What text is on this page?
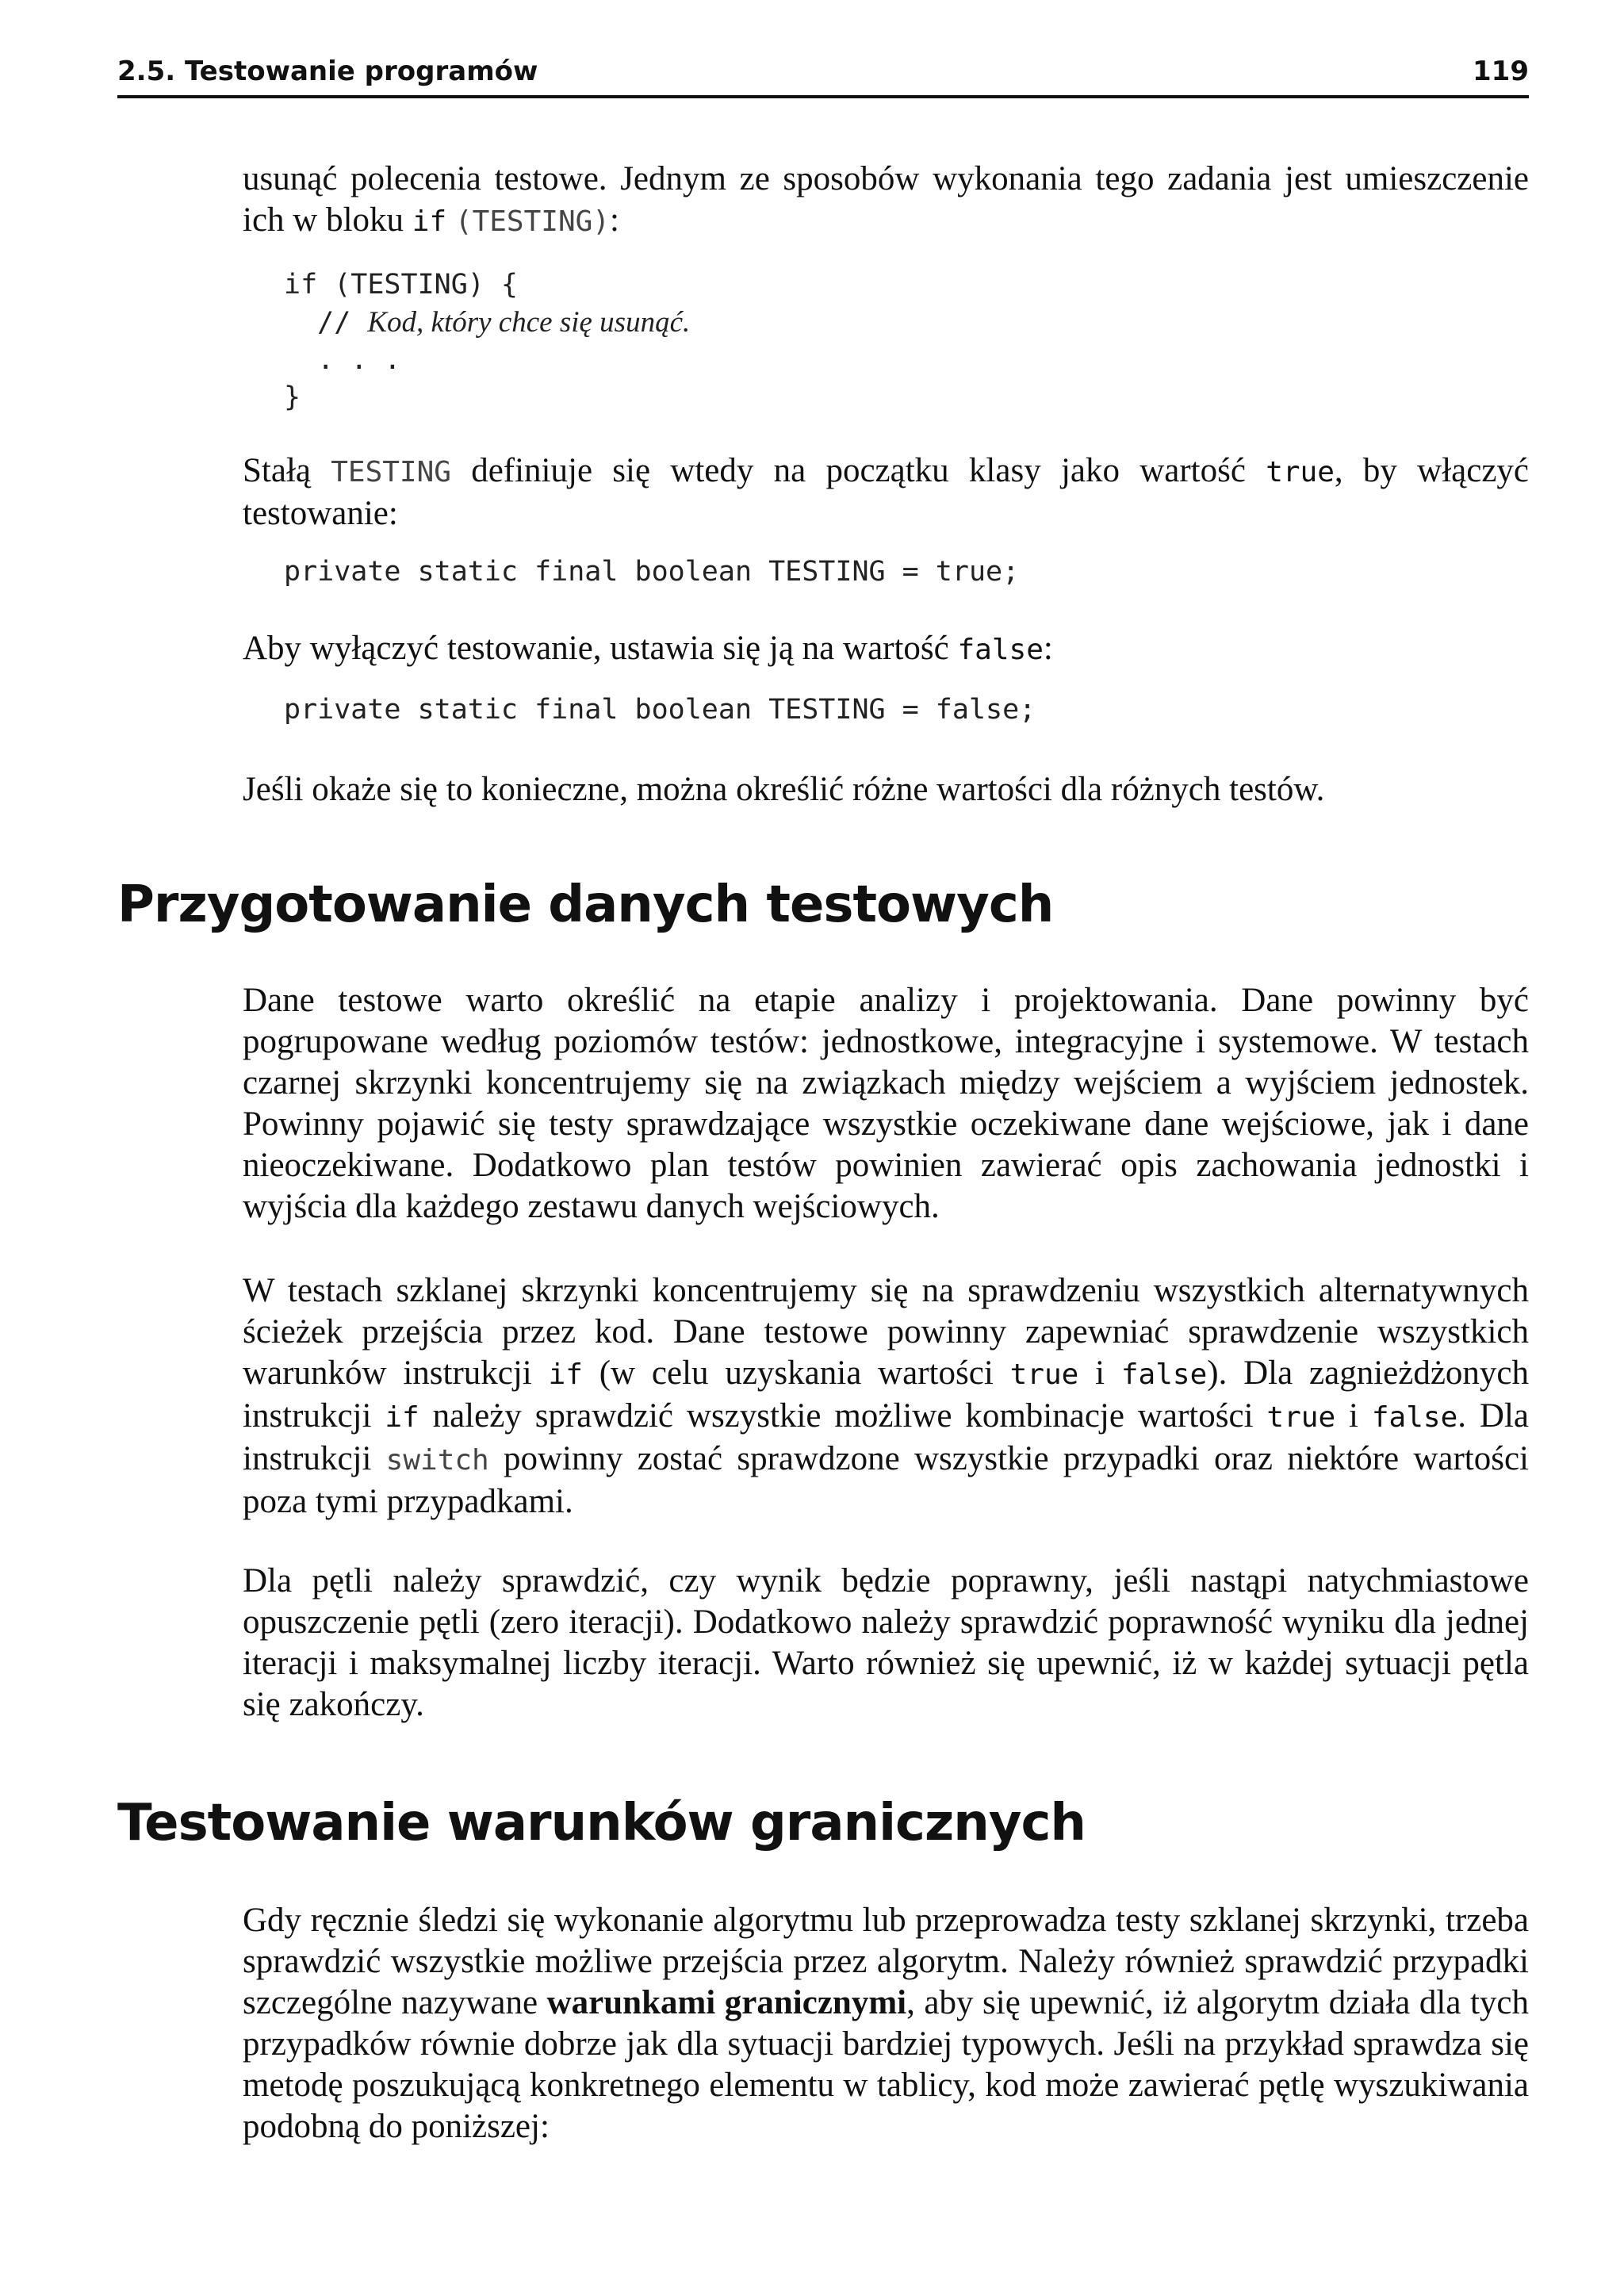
2.5. Testowanie programów	119

usunąć polecenia testowe. Jednym ze sposobów wykonania tego zadania jest umieszczenie ich w bloku if (TESTING):

if (TESTING) {
// Kod, który chce się usunąć.
. . .
}

Stałą TESTING definiuje się wtedy na początku klasy jako wartość true, by włączyć testowanie:

private static final boolean TESTING = true;

Aby wyłączyć testowanie, ustawia się ją na wartość false:

private static final boolean TESTING = false;

Jeśli okaże się to konieczne, można określić różne wartości dla różnych testów.

Przygotowanie danych testowych

Dane testowe warto określić na etapie analizy i projektowania. Dane powinny być pogrupowane według poziomów testów: jednostkowe, integracyjne i systemowe. W testach czarnej skrzynki koncentrujemy się na związkach między wejściem a wyjściem jednostek. Powinny pojawić się testy sprawdzające wszystkie oczekiwane dane wejściowe, jak i dane nieoczekiwane. Dodatkowo plan testów powinien zawierać opis zachowania jednostki i wyjścia dla każdego zestawu danych wejściowych.

W testach szklanej skrzynki koncentrujemy się na sprawdzeniu wszystkich alternatywnych ścieżek przejścia przez kod. Dane testowe powinny zapewniać sprawdzenie wszystkich warunków instrukcji if (w celu uzyskania wartości true i false). Dla zagnieżdżonych instrukcji if należy sprawdzić wszystkie możliwe kombinacje wartości true i false. Dla instrukcji switch powinny zostać sprawdzone wszystkie przypadki oraz niektóre wartości poza tymi przypadkami.

Dla pętli należy sprawdzić, czy wynik będzie poprawny, jeśli nastąpi natychmiastowe opuszczenie pętli (zero iteracji). Dodatkowo należy sprawdzić poprawność wyniku dla jednej iteracji i maksymalnej liczby iteracji. Warto również się upewnić, iż w każdej sytuacji pętla się zakończy.

Testowanie warunków granicznych

Gdy ręcznie śledzi się wykonanie algorytmu lub przeprowadza testy szklanej skrzynki, trzeba sprawdzić wszystkie możliwe przejścia przez algorytm. Należy również sprawdzić przypadki szczególne nazywane warunkami granicznymi, aby się upewnić, iż algorytm działa dla tych przypadków równie dobrze jak dla sytuacji bardziej typowych. Jeśli na przykład sprawdza się metodę poszukującą konkretnego elementu w tablicy, kod może zawierać pętlę wyszukiwania podobną do poniższej:
